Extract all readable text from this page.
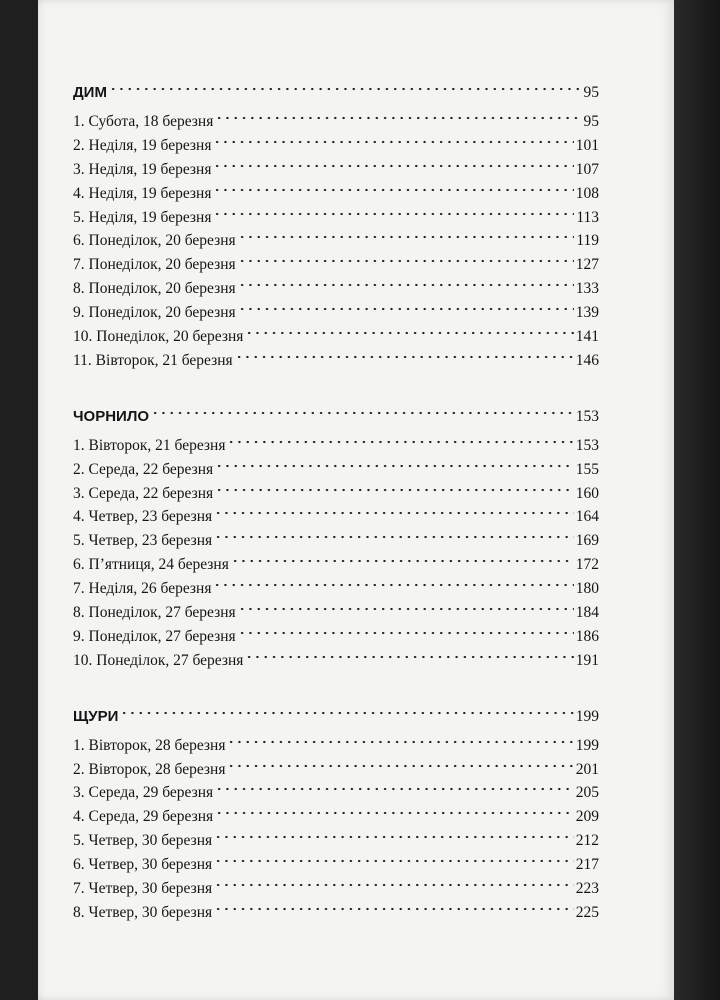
ДИМ	95
1. Субота, 18 березня	95
2. Неділя, 19 березня	101
3. Неділя, 19 березня	107
4. Неділя, 19 березня	108
5. Неділя, 19 березня	113
6. Понеділок, 20 березня	119
7. Понеділок, 20 березня	127
8. Понеділок, 20 березня	133
9. Понеділок, 20 березня	139
10. Понеділок, 20 березня	141
11. Вівторок, 21 березня	146
ЧОРНИЛО	153
1. Вівторок, 21 березня	153
2. Середа, 22 березня	155
3. Середа, 22 березня	160
4. Четвер, 23 березня	164
5. Четвер, 23 березня	169
6. П’ятниця, 24 березня	172
7. Неділя, 26 березня	180
8. Понеділок, 27 березня	184
9. Понеділок, 27 березня	186
10. Понеділок, 27 березня	191
ЩУРИ	199
1. Вівторок, 28 березня	199
2. Вівторок, 28 березня	201
3. Середа, 29 березня	205
4. Середа, 29 березня	209
5. Четвер, 30 березня	212
6. Четвер, 30 березня	217
7. Четвер, 30 березня	223
8. Четвер, 30 березня	225
